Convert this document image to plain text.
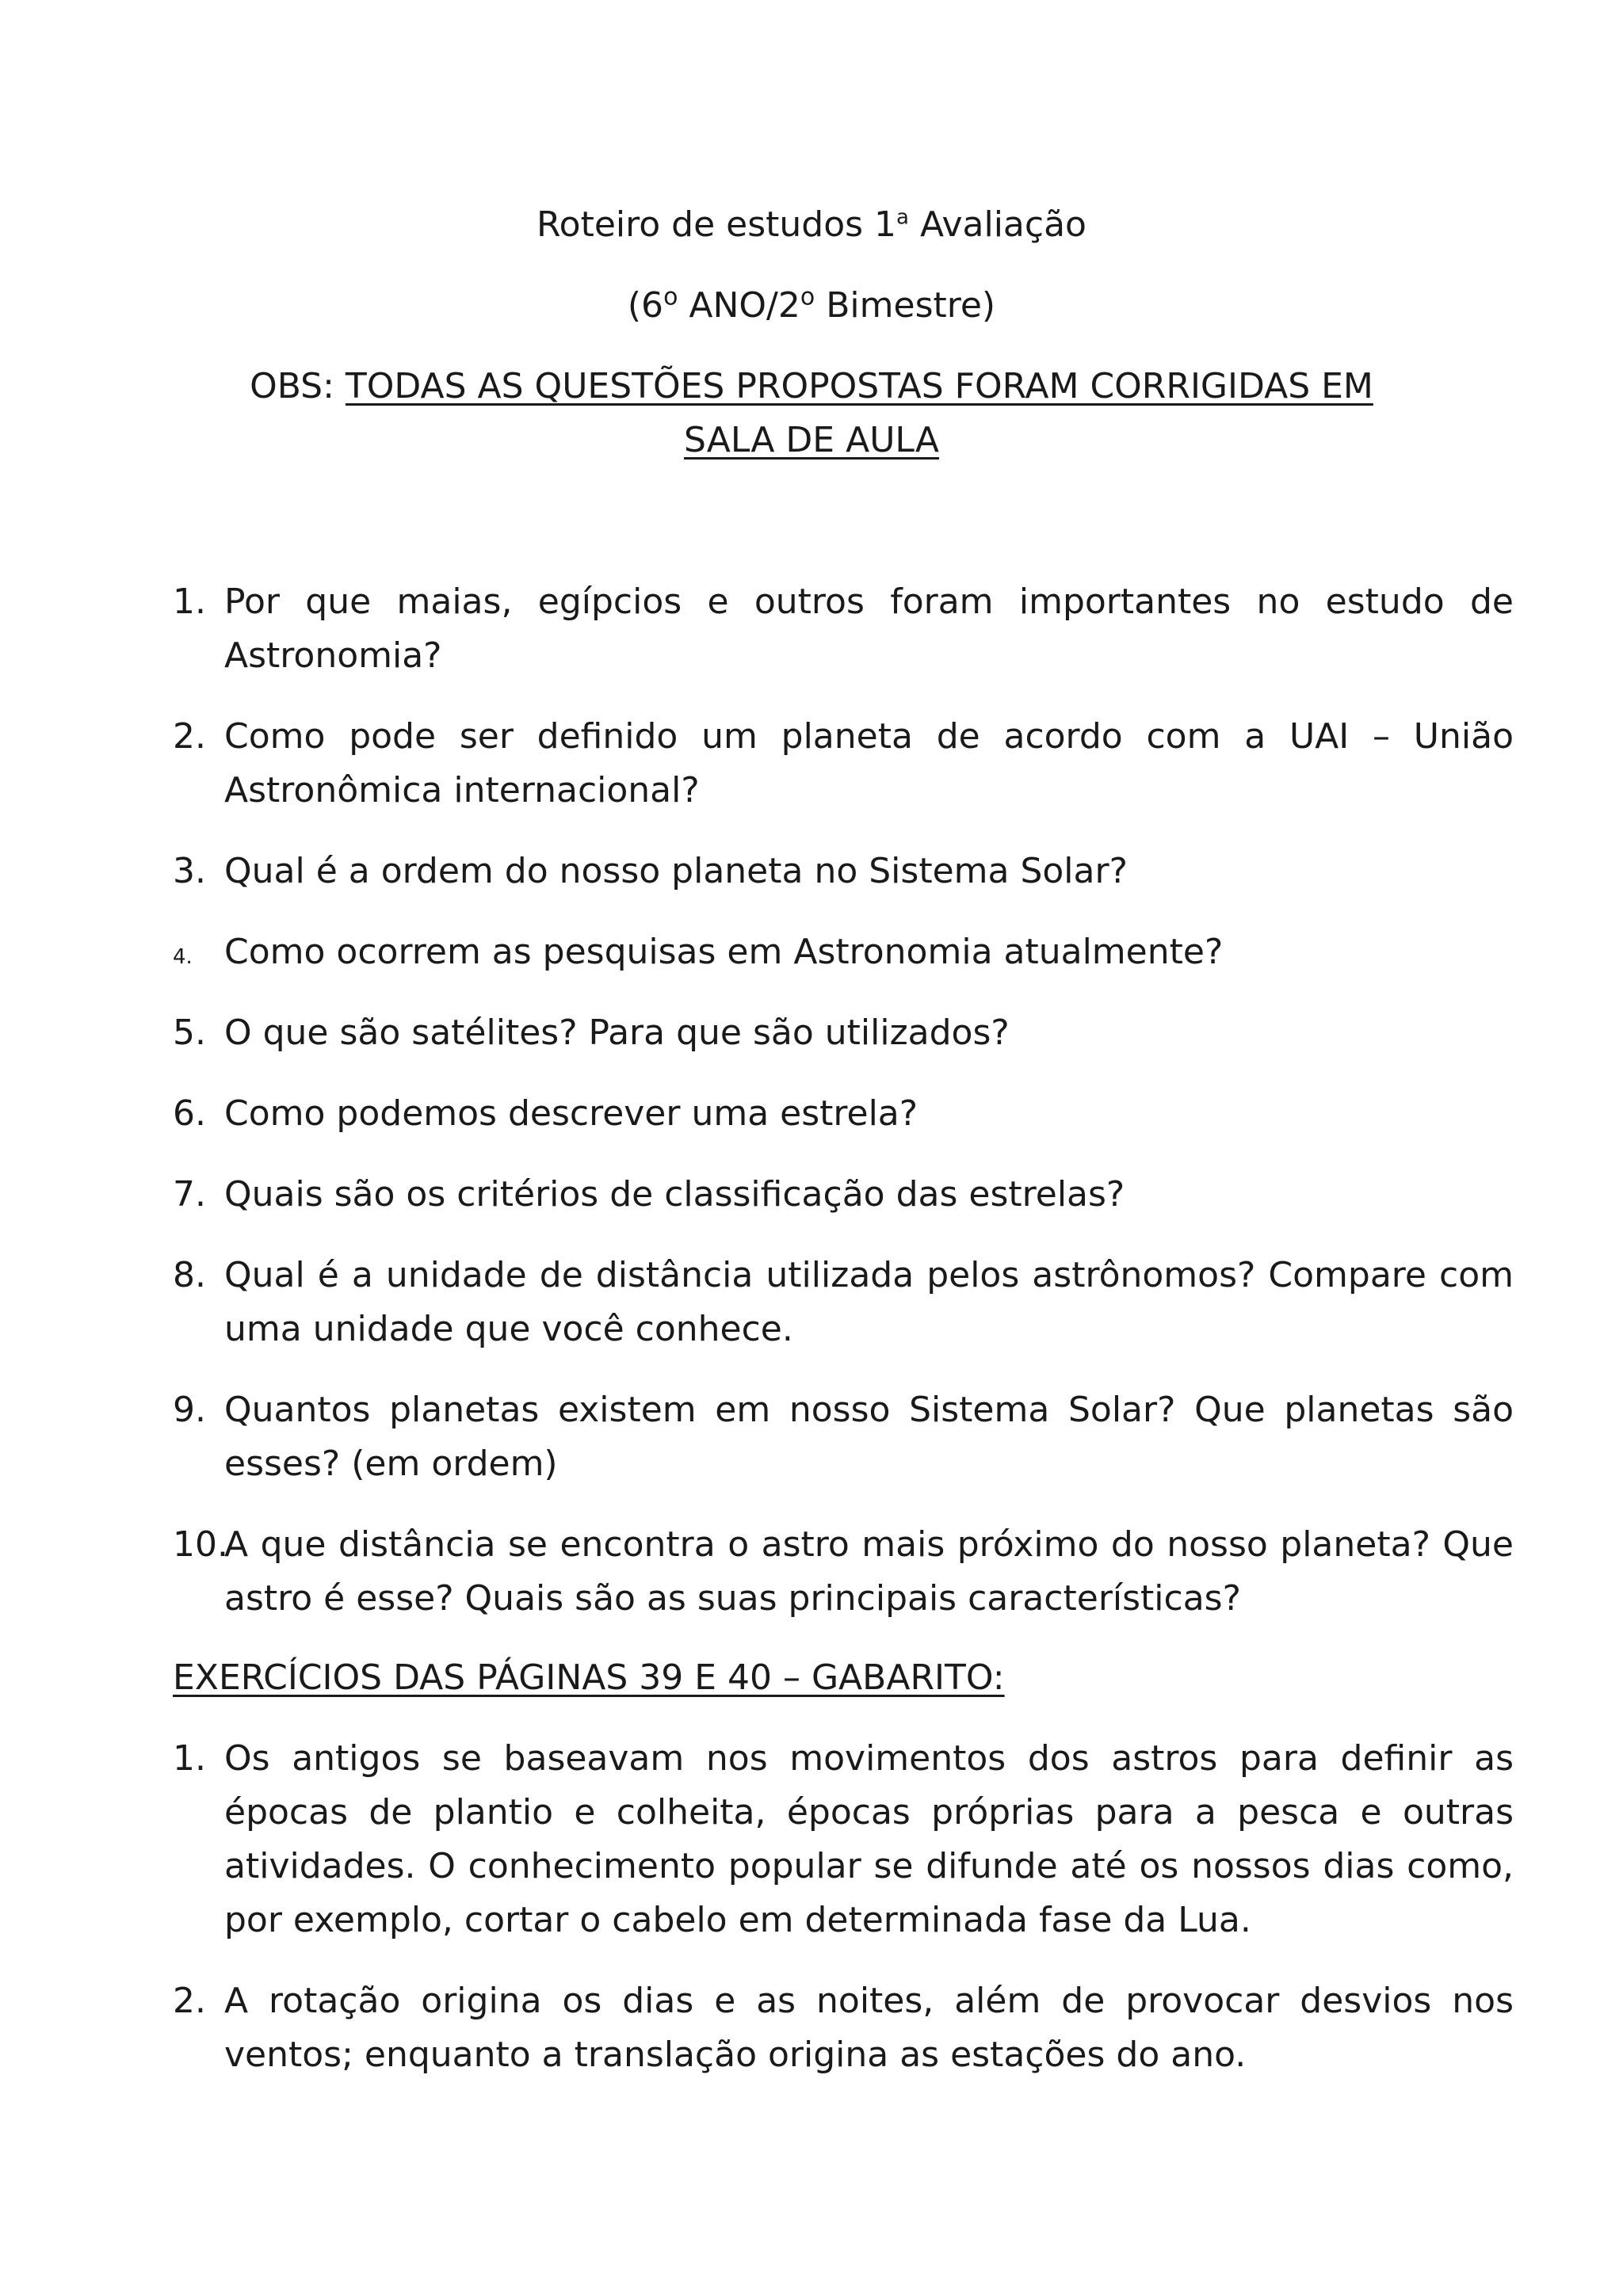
Roteiro de estudos 1$^a$ Avaliação
(6$^o$ ANO/2$^o$ Bimestre)
OBS: TODAS AS QUESTÕES PROPOSTAS FORAM CORRIGIDAS EM
SALA DE AULA
1. Por que maias, egípcios e outros foram importantes no estudo de Astronomia?
2. Como pode ser definido um planeta de acordo com a UAI – União Astronômica internacional?
3. Qual é a ordem do nosso planeta no Sistema Solar?
4. Como ocorrem as pesquisas em Astronomia atualmente?
5. O que são satélites? Para que são utilizados?
6. Como podemos descrever uma estrela?
7. Quais são os critérios de classificação das estrelas?
8. Qual é a unidade de distância utilizada pelos astrônomos? Compare com uma unidade que você conhece.
9. Quantos planetas existem em nosso Sistema Solar? Que planetas são esses? (em ordem)
10.
A que distância se encontra o astro mais próximo do nosso planeta? Que astro é esse? Quais são as suas principais características?
EXERCÍCIOS DAS PÁGINAS 39 E 40 – GABARITO:
1. Os antigos se baseavam nos movimentos dos astros para definir as épocas de plantio e colheita, épocas próprias para a pesca e outras atividades. O conhecimento popular se difunde até os nossos dias como, por exemplo, cortar o cabelo em determinada fase da Lua.
2. A rotação origina os dias e as noites, além de provocar desvios nos ventos; enquanto a translação origina as estações do ano.
